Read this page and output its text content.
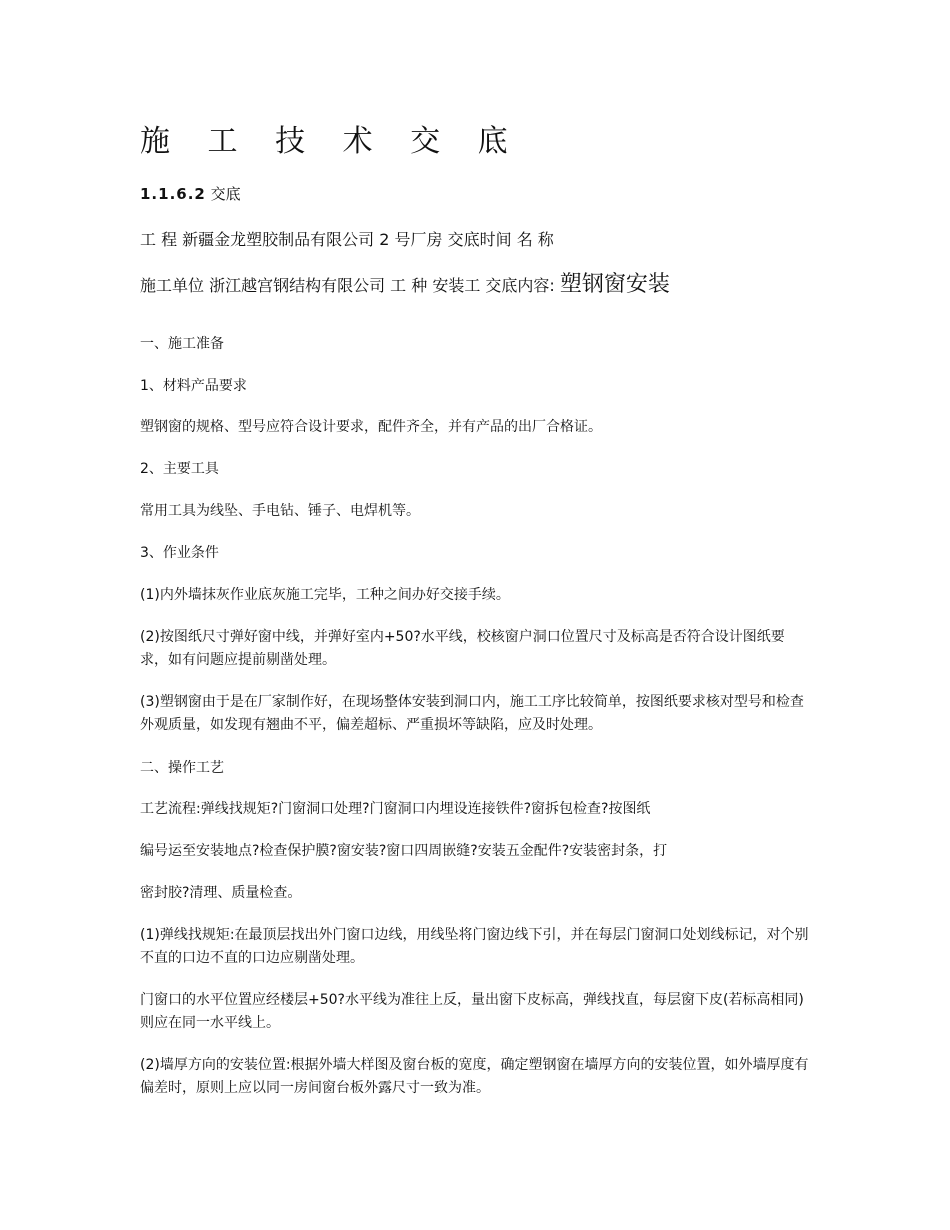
施 工 技 术 交 底
1.1.6.2 交底
工 程 新疆金龙塑胶制品有限公司 2 号厂房 交底时间 名 称
施工单位 浙江越宫钢结构有限公司 工 种 安装工 交底内容: 塑钢窗安装
一、施工准备
1、材料产品要求
塑钢窗的规格、型号应符合设计要求，配件齐全，并有产品的出厂合格证。
2、主要工具
常用工具为线坠、手电钻、锤子、电焊机等。
3、作业条件
(1)内外墙抹灰作业底灰施工完毕，工种之间办好交接手续。
(2)按图纸尺寸弹好窗中线，并弹好室内+50?水平线，校核窗户洞口位置尺寸及标高是否符合设计图纸要求，如有问题应提前剔凿处理。
(3)塑钢窗由于是在厂家制作好，在现场整体安装到洞口内，施工工序比较简单，按图纸要求核对型号和检查外观质量，如发现有翘曲不平，偏差超标、严重损坏等缺陷，应及时处理。
二、操作工艺
工艺流程:弹线找规矩?门窗洞口处理?门窗洞口内埋设连接铁件?窗拆包检查?按图纸
编号运至安装地点?检查保护膜?窗安装?窗口四周嵌缝?安装五金配件?安装密封条，打
密封胶?清理、质量检查。
(1)弹线找规矩:在最顶层找出外门窗口边线，用线坠将门窗边线下引，并在每层门窗洞口处划线标记，对个别不直的口边不直的口边应剔凿处理。
门窗口的水平位置应经楼层+50?水平线为准往上反，量出窗下皮标高，弹线找直，每层窗下皮(若标高相同)则应在同一水平线上。
(2)墙厚方向的安装位置:根据外墙大样图及窗台板的宽度，确定塑钢窗在墙厚方向的安装位置，如外墙厚度有偏差时，原则上应以同一房间窗台板外露尺寸一致为准。
